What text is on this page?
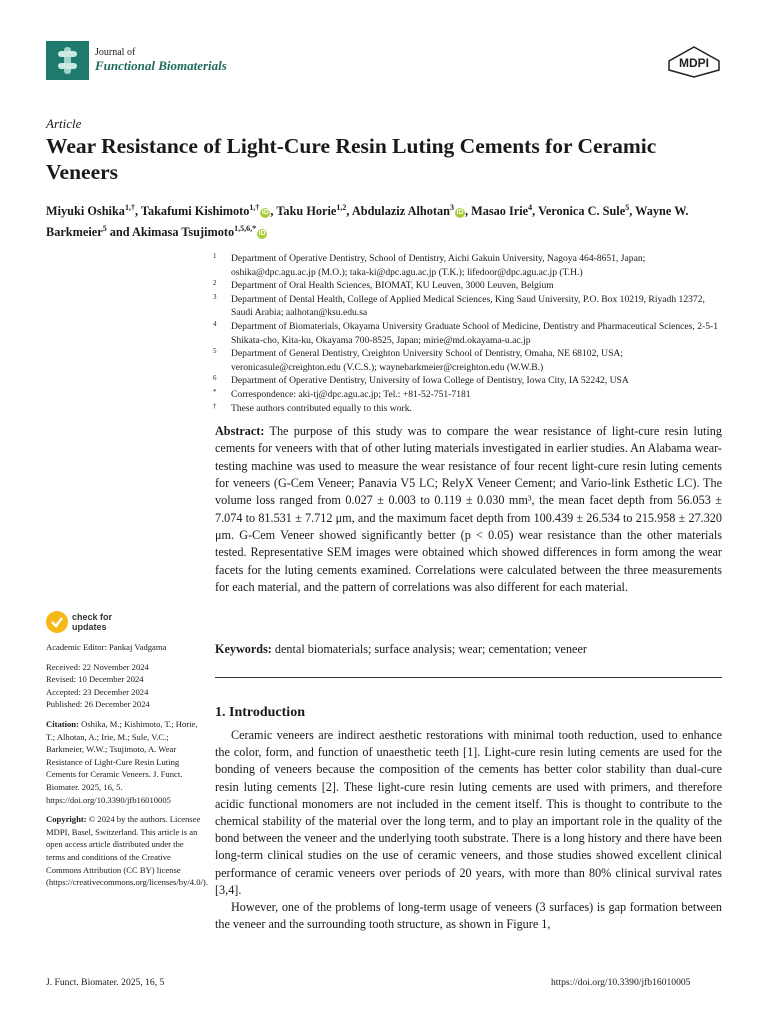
Journal of
Functional Biomaterials	MDPI
Article
Wear Resistance of Light-Cure Resin Luting Cements for Ceramic Veneers
Miyuki Oshika$^{1,\dagger}$, Takafumi Kishimoto$^{1,\dagger}$iD , Taku Horie$^{1,2}$, Abdulaziz Alhotan$^3$iD , Masao Irie$^4$, Veronica C. Sule$^5$, Wayne W. Barkmeier$^5$ and Akimasa Tsujimoto$^{1,5,6,*}$iD
1 Department of Operative Dentistry, School of Dentistry, Aichi Gakuin University, Nagoya 464-8651, Japan; oshika@dpc.agu.ac.jp (M.O.); taka-ki@dpc.agu.ac.jp (T.K.); lifedoor@dpc.agu.ac.jp (T.H.)
2 Department of Oral Health Sciences, BIOMAT, KU Leuven, 3000 Leuven, Belgium
3 Department of Dental Health, College of Applied Medical Sciences, King Saud University, P.O. Box 10219, Riyadh 12372, Saudi Arabia; aalhotan@ksu.edu.sa
4 Department of Biomaterials, Okayama University Graduate School of Medicine, Dentistry and Pharmaceutical Sciences, 2-5-1 Shikata-cho, Kita-ku, Okayama 700-8525, Japan; mirie@md.okayama-u.ac.jp
5 Department of General Dentistry, Creighton University School of Dentistry, Omaha, NE 68102, USA; veronicasule@creighton.edu (V.C.S.); waynebarkmeier@creighton.edu (W.W.B.)
6 Department of Operative Dentistry, University of Iowa College of Dentistry, Iowa City, IA 52242, USA
* Correspondence: aki-tj@dpc.agu.ac.jp; Tel.: +81-52-751-7181
† These authors contributed equally to this work.
Abstract: The purpose of this study was to compare the wear resistance of light-cure resin luting cements for veneers with that of other luting materials investigated in earlier studies. An Alabama wear-testing machine was used to measure the wear resistance of four recent light-cure resin luting cements for veneers (G-Cem Veneer; Panavia V5 LC; RelyX Veneer Cement; and Vario-link Esthetic LC). The volume loss ranged from 0.027 ± 0.003 to 0.119 ± 0.030 mm³, the mean facet depth from 56.053 ± 7.074 to 81.531 ± 7.712 μm, and the maximum facet depth from 100.439 ± 26.534 to 215.958 ± 27.320 μm. G-Cem Veneer showed significantly better (p < 0.05) wear resistance than the other materials tested. Representative SEM images were obtained which showed differences in form among the wear facets for the luting cements examined. Correlations were calculated between the three measurements for each material, and the pattern of correlations was also different for each material.
Keywords: dental biomaterials; surface analysis; wear; cementation; veneer
1. Introduction

Ceramic veneers are indirect aesthetic restorations with minimal tooth reduction, used to enhance the color, form, and function of unaesthetic teeth [1]. Light-cure resin luting cements are used for the bonding of veneers because the composition of the cements has better color stability than dual-cure resin luting cements [2]. These light-cure resin luting cements are used with primers, and therefore acidic functional monomers are not included in the cement itself. This is thought to contribute to the chemical stability of the material over the long term, and to play an important role in the quality of the bond between the veneer and the underlying tooth substrate. There is a long history and there have been long-term clinical studies on the use of ceramic veneers, and those studies showed excellent clinical performance of ceramic veneers over periods of 20 years, with more than 80% clinical survival rates [3,4].

However, one of the problems of long-term usage of veneers (3 surfaces) is gap formation between the veneer and the surrounding tooth structure, as shown in Figure 1,

check for
updates
Academic Editor: Pankaj Vadgama
Received: 22 November 2024
Revised: 10 December 2024
Accepted: 23 December 2024
Published: 26 December 2024
Citation: Oshika, M.; Kishimoto, T.; Horie, T.; Alhotan, A.; Irie, M.; Sule, V.C.; Barkmeier, W.W.; Tsujimoto, A. Wear Resistance of Light-Cure Resin Luting Cements for Ceramic Veneers. J. Funct. Biomater. 2025, 16, 5. https://doi.org/10.3390/jfb16010005
Copyright: © 2024 by the authors. Licensee MDPI, Basel, Switzerland. This article is an open access article distributed under the terms and conditions of the Creative Commons Attribution (CC BY) license (https://creativecommons.org/licenses/by/4.0/).
J. Funct. Biomater. 2025, 16, 5	https://doi.org/10.3390/jfb16010005
